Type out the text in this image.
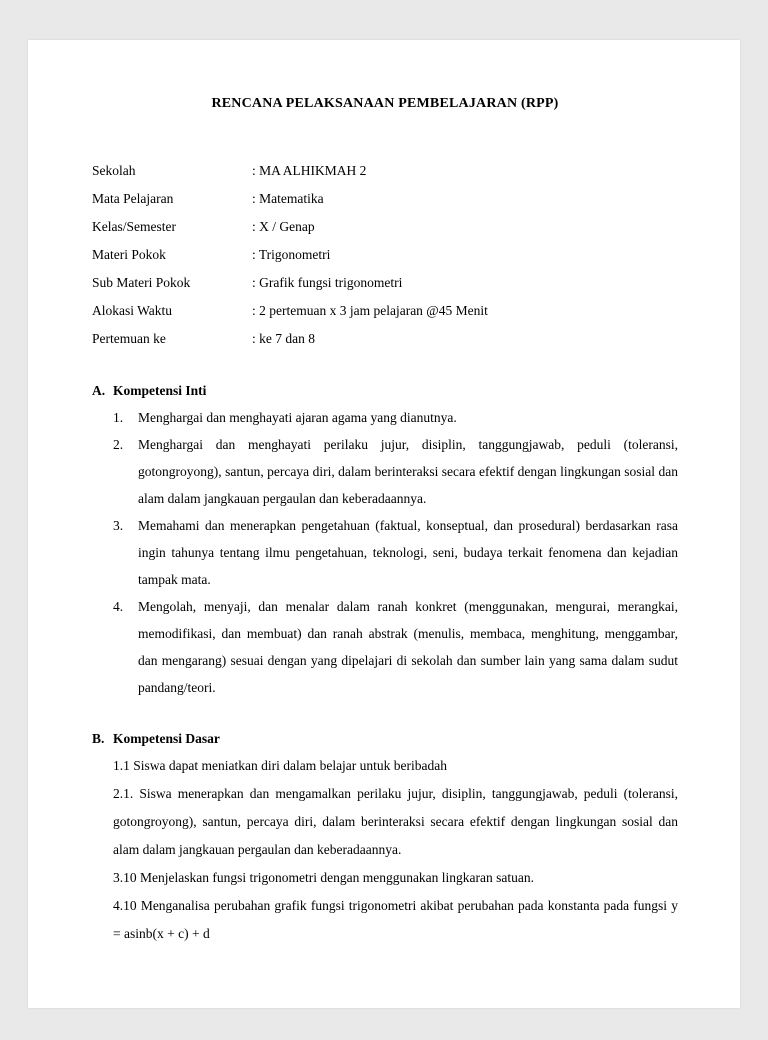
RENCANA PELAKSANAAN PEMBELAJARAN (RPP)
Sekolah	: MA ALHIKMAH 2
Mata Pelajaran	: Matematika
Kelas/Semester	: X / Genap
Materi Pokok	: Trigonometri
Sub Materi Pokok	: Grafik fungsi trigonometri
Alokasi Waktu	: 2 pertemuan x 3 jam pelajaran @45 Menit
Pertemuan ke	: ke 7 dan 8
A. Kompetensi Inti
1. Menghargai dan menghayati ajaran agama yang dianutnya.
2. Menghargai dan menghayati perilaku jujur, disiplin, tanggungjawab, peduli (toleransi, gotongroyong), santun, percaya diri, dalam berinteraksi secara efektif dengan lingkungan sosial dan alam dalam jangkauan pergaulan dan keberadaannya.
3. Memahami dan menerapkan pengetahuan (faktual, konseptual, dan prosedural) berdasarkan rasa ingin tahunya tentang ilmu pengetahuan, teknologi, seni, budaya terkait fenomena dan kejadian tampak mata.
4. Mengolah, menyaji, dan menalar dalam ranah konkret (menggunakan, mengurai, merangkai, memodifikasi, dan membuat) dan ranah abstrak (menulis, membaca, menghitung, menggambar, dan mengarang) sesuai dengan yang dipelajari di sekolah dan sumber lain yang sama dalam sudut pandang/teori.
B. Kompetensi Dasar
1.1 Siswa dapat meniatkan diri dalam belajar untuk beribadah
2.1. Siswa menerapkan dan mengamalkan perilaku jujur, disiplin, tanggungjawab, peduli (toleransi, gotongroyong), santun, percaya diri, dalam berinteraksi secara efektif dengan lingkungan sosial dan alam dalam jangkauan pergaulan dan keberadaannya.
3.10 Menjelaskan fungsi trigonometri dengan menggunakan lingkaran satuan.
4.10 Menganalisa perubahan grafik fungsi trigonometri akibat perubahan pada konstanta pada fungsi y = asinb(x + c) + d
